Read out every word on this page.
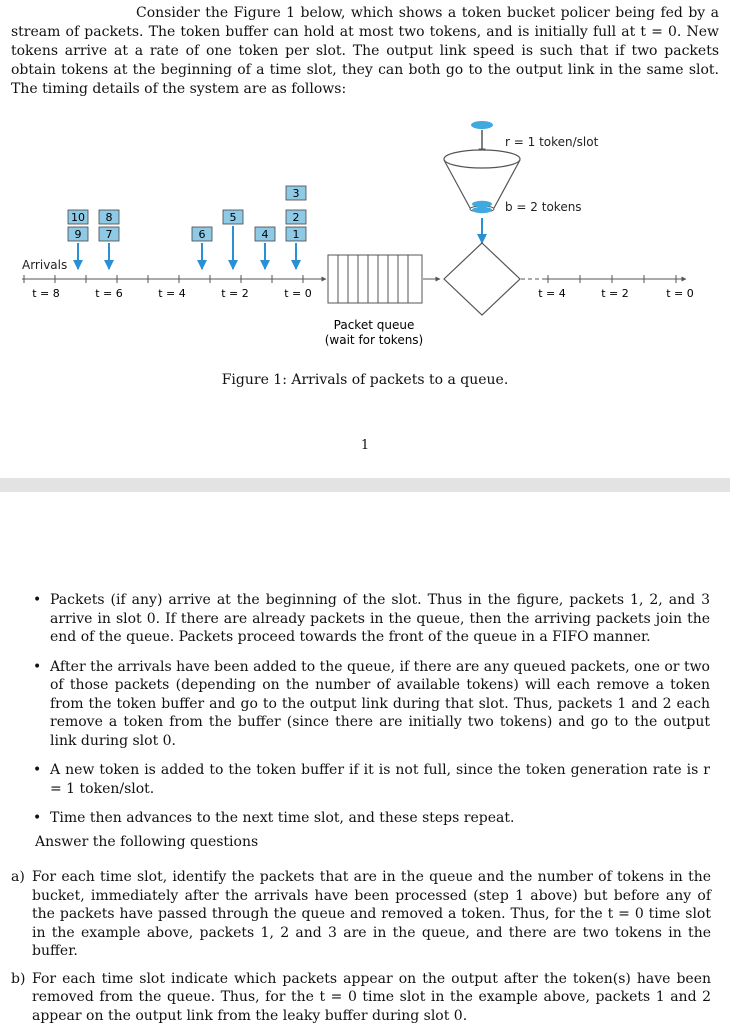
Consider the Figure 1 below, which shows a token bucket policer being fed by a stream of packets. The token buffer can hold at most two tokens, and is initially full at t = 0. New tokens arrive at a rate of one token per slot. The output link speed is such that if two packets obtain tokens at the beginning of a time slot, they can both go to the output link in the same slot. The timing details of the system are as follows:
r = 1 token/slot
b = 2 tokens
Arrivals
10
9
8
7	6
5
4
3
2
1
t = 8	t = 6	t = 4	t = 2	t = 0
Packet queue
(wait for tokens)
t = 4	t = 2	t = 0
Figure 1: Arrivals of packets to a queue.
1
• Packets (if any) arrive at the beginning of the slot. Thus in the figure, packets 1, 2, and 3 arrive in slot 0. If there are already packets in the queue, then the arriving packets join the end of the queue. Packets proceed towards the front of the queue in a FIFO manner.
• After the arrivals have been added to the queue, if there are any queued packets, one or two of those packets (depending on the number of available tokens) will each remove a token from the token buffer and go to the output link during that slot. Thus, packets 1 and 2 each remove a token from the buffer (since there are initially two tokens) and go to the output link during slot 0.
• A new token is added to the token buffer if it is not full, since the token generation rate is r = 1 token/slot.
• Time then advances to the next time slot, and these steps repeat.
Answer the following questions
a) For each time slot, identify the packets that are in the queue and the number of tokens in the bucket, immediately after the arrivals have been processed (step 1 above) but before any of the packets have passed through the queue and removed a token. Thus, for the t = 0 time slot in the example above, packets 1, 2 and 3 are in the queue, and there are two tokens in the buffer.
b) For each time slot indicate which packets appear on the output after the token(s) have been removed from the queue. Thus, for the t = 0 time slot in the example above, packets 1 and 2 appear on the output link from the leaky buffer during slot 0.
